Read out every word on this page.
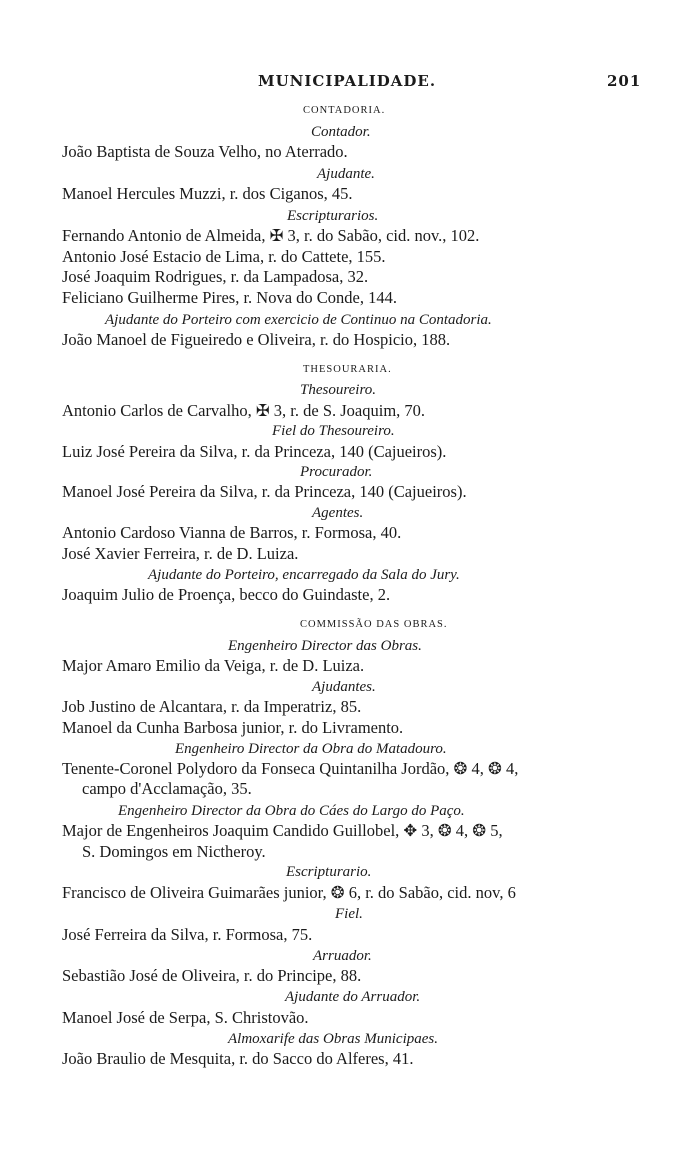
MUNICIPALIDADE.	201
CONTADORIA.
Contador.
João Baptista de Souza Velho, no Aterrado.
Ajudante.
Manoel Hercules Muzzi, r. dos Ciganos, 45.
Escripturarios.
Fernando Antonio de Almeida, ✠ 3, r. do Sabão, cid. nov., 102.
Antonio José Estacio de Lima, r. do Cattete, 155.
José Joaquim Rodrigues, r. da Lampadosa, 32.
Feliciano Guilherme Pires, r. Nova do Conde, 144.
Ajudante do Porteiro com exercicio de Continuo na Contadoria.
João Manoel de Figueiredo e Oliveira, r. do Hospicio, 188.
THESOURARIA.
Thesoureiro.
Antonio Carlos de Carvalho, ✠ 3, r. de S. Joaquim, 70.
Fiel do Thesoureiro.
Luiz José Pereira da Silva, r. da Princeza, 140 (Cajueiros).
Procurador.
Manoel José Pereira da Silva, r. da Princeza, 140 (Cajueiros).
Agentes.
Antonio Cardoso Vianna de Barros, r. Formosa, 40.
José Xavier Ferreira, r. de D. Luiza.
Ajudante do Porteiro, encarregado da Sala do Jury.
Joaquim Julio de Proença, becco do Guindaste, 2.
COMMISSÃO DAS OBRAS.
Engenheiro Director das Obras.
Major Amaro Emilio da Veiga, r. de D. Luiza.
Ajudantes.
Job Justino de Alcantara, r. da Imperatriz, 85.
Manoel da Cunha Barbosa junior, r. do Livramento.
Engenheiro Director da Obra do Matadouro.
Tenente-Coronel Polydoro da Fonseca Quintanilha Jordão, ❂ 4, ❂ 4,
campo d'Acclamação, 35.
Engenheiro Director da Obra do Cáes do Largo do Paço.
Major de Engenheiros Joaquim Candido Guillobel, ✥ 3, ❂ 4, ❂ 5,
S. Domingos em Nictheroy.
Escripturario.
Francisco de Oliveira Guimarães junior, ❂ 6, r. do Sabão, cid. nov, 6
Fiel.
José Ferreira da Silva, r. Formosa, 75.
Arruador.
Sebastião José de Oliveira, r. do Principe, 88.
Ajudante do Arruador.
Manoel José de Serpa, S. Christovão.
Almoxarife das Obras Municipaes.
João Braulio de Mesquita, r. do Sacco do Alferes, 41.
